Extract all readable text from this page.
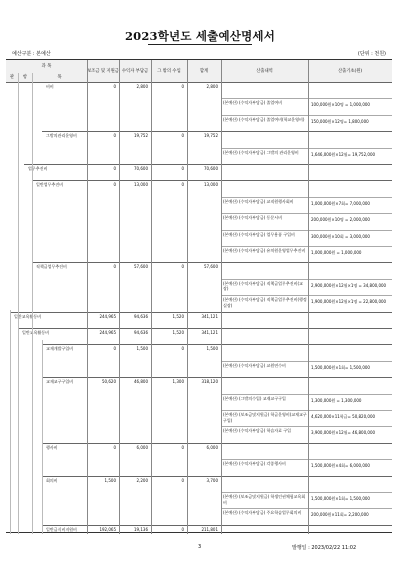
2023학년도 세출예산명세서
예산구분 : 본예산	(단위 : 천원)
과 목
관	항	목
보조금 및 지원금 수익자 부담금	그 밖의 수입	합계	산출내역	산출기초(원)
비비	0	2,800	0	2,800
(본예산) (수익자부담금) 졸업여비	100,000원×10명 = 1,000,000
(본예산) (수익자부담금) 졸업여비(학교운영비)	150,000원×12명= 1,800,000
그밖의관리운영비	0	19,752	0	19,752
(본예산) (수익자부담금) 그밖의 관리운영비	1,646,000원×12월= 19,752,000
업무추진비	0	70,600	0	70,600
일반업무추진비	0	13,000	0	13,000
(본예산) (수익자부담금) 교직원행사회비	1,000,000원×7회= 7,000,000
(본예산) (수익자부담금) 동문시비	200,000원×10명 = 2,000,000
(본예산) (수익자부담금) 업무용품 구입비	300,000원×10회 = 3,000,000
(본예산) (수익자부담금) 유치원운영업무추진비	1,000,000원 = 1,000,000
직책급업무추진비	0	57,600	0	57,600
(본예산) (수익자부담금) 직책급업무추진비(교장)
2,900,000원×12월×1명 = 34,800,000
(본예산) (수익자부담금) 직책급업무추진비(행정실장)
1,900,000원×12월×1명 = 22,800,000
일반교육활동비	244,965	94,636	1,520	341,121
일반교육활동비	244,965	94,636	1,520	341,121
교재개발구입비	0	1,500	0	1,500
(본예산) (수익자부담금) 교원연수비	1,500,000원×1회= 1,500,000
교재교구구입비	50,620	46,800	1,300	318,120
(본예산) (그밖의수입) 교재교구구입	1,300,000원 = 1,300,000
(본예산) (보조금및지원금) 학급운영비(교재교구구입)
4,620,000×11학급= 50,820,000
(본예산) (수익자부담금) 학습자료 구입	3,900,000원×12월= 46,800,000
행사비	0	6,000	0	6,000
(본예산) (수익자부담금) 각종행사비	1,500,000원×4회= 6,000,000
회의비	1,500	2,200	0	3,700
(본예산) (보조금및지원금) 학생인권체험교육회비
1,500,000원×1회= 1,500,000
(본예산) (수익자부담금) 주요학습업무회의비	200,000원×11회= 2,200,000
일반급식비지원비	192,065	19,136	0	211,801
3	발행일 : 2023/02/22 11:02
